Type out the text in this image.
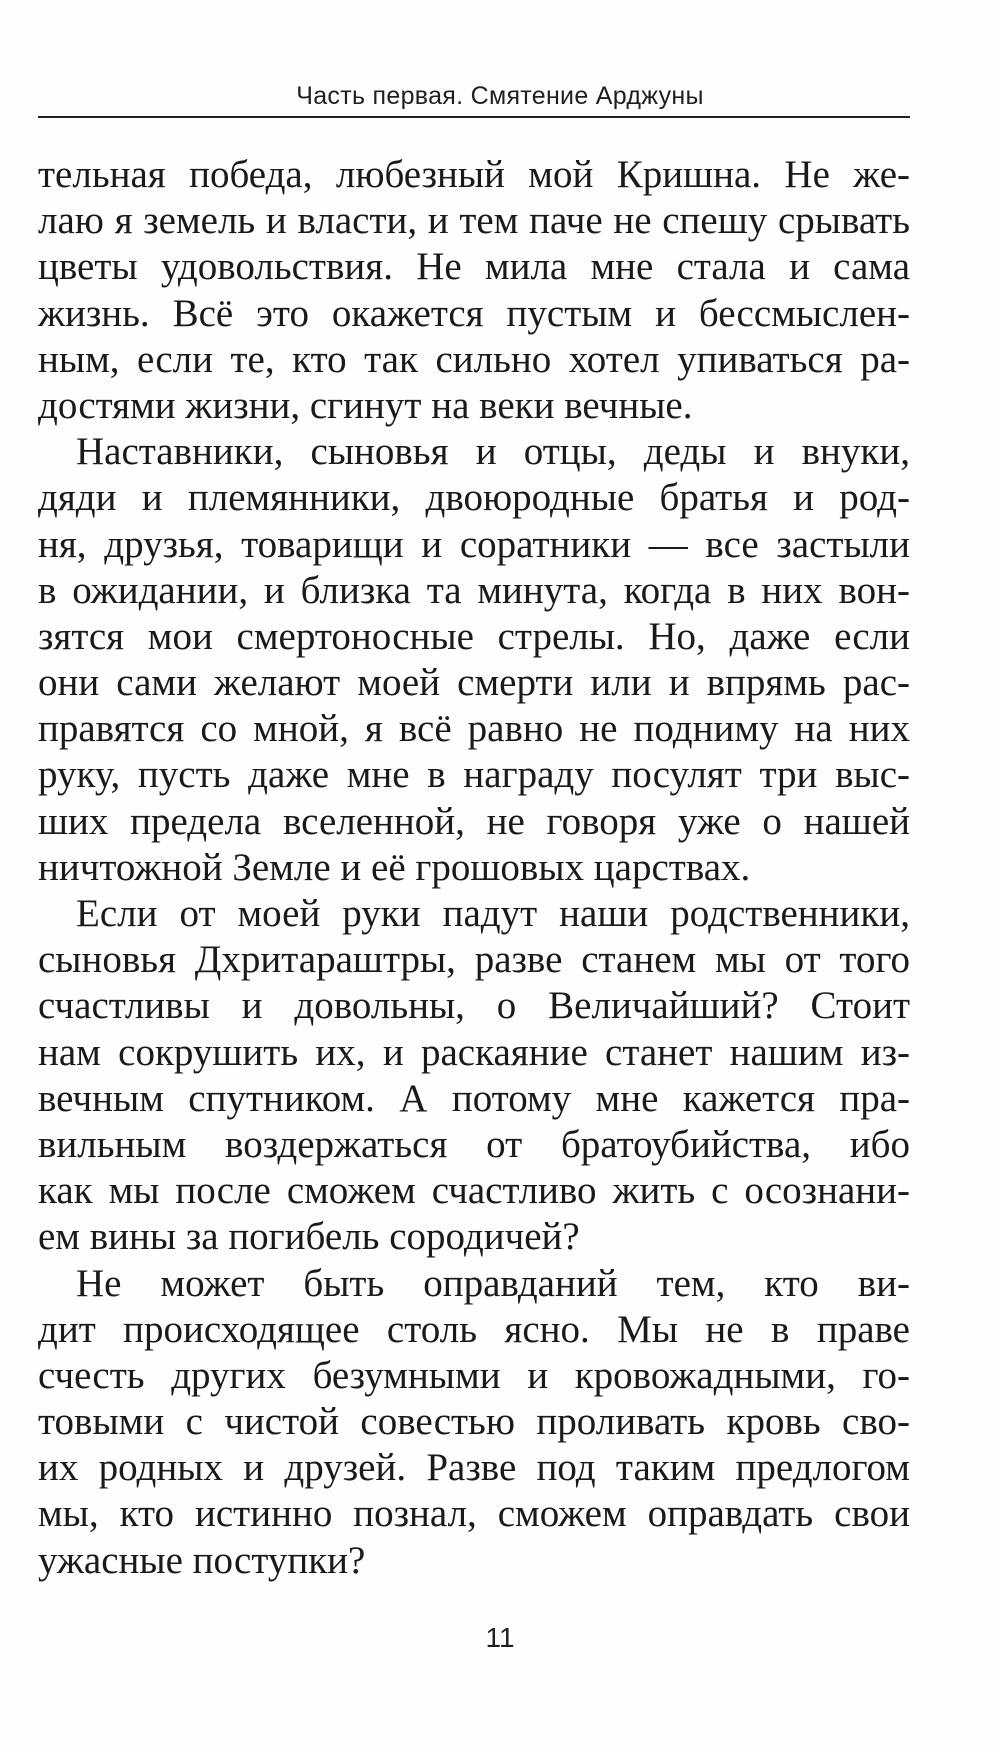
Часть первая. Смятение Арджуны
тельная победа, любезный мой Кришна. Не же-
лаю я земель и власти, и тем паче не спешу срывать
цветы удовольствия. Не мила мне стала и сама
жизнь. Всё это окажется пустым и бессмыслен-
ным, если те, кто так сильно хотел упиваться ра-
достями жизни, сгинут на веки вечные.
Наставники, сыновья и отцы, деды и внуки,
дяди и племянники, двоюродные братья и род-
ня, друзья, товарищи и соратники — все застыли
в ожидании, и близка та минута, когда в них вон-
зятся мои смертоносные стрелы. Но, даже если
они сами желают моей смерти или и впрямь рас-
правятся со мной, я всё равно не подниму на них
руку, пусть даже мне в награду посулят три выс-
ших предела вселенной, не говоря уже о нашей
ничтожной Земле и её грошовых царствах.
Если от моей руки падут наши родственники,
сыновья Дхритараштры, разве станем мы от того
счастливы и довольны, о Величайший? Стоит
нам сокрушить их, и раскаяние станет нашим из-
вечным спутником. А потому мне кажется пра-
вильным воздержаться от братоубийства, ибо
как мы после сможем счастливо жить с осознани-
ем вины за погибель сородичей?
Не может быть оправданий тем, кто ви-
дит происходящее столь ясно. Мы не в праве
счесть других безумными и кровожадными, го-
товыми с чистой совестью проливать кровь сво-
их родных и друзей. Разве под таким предлогом
мы, кто истинно познал, сможем оправдать свои
ужасные поступки?
11
